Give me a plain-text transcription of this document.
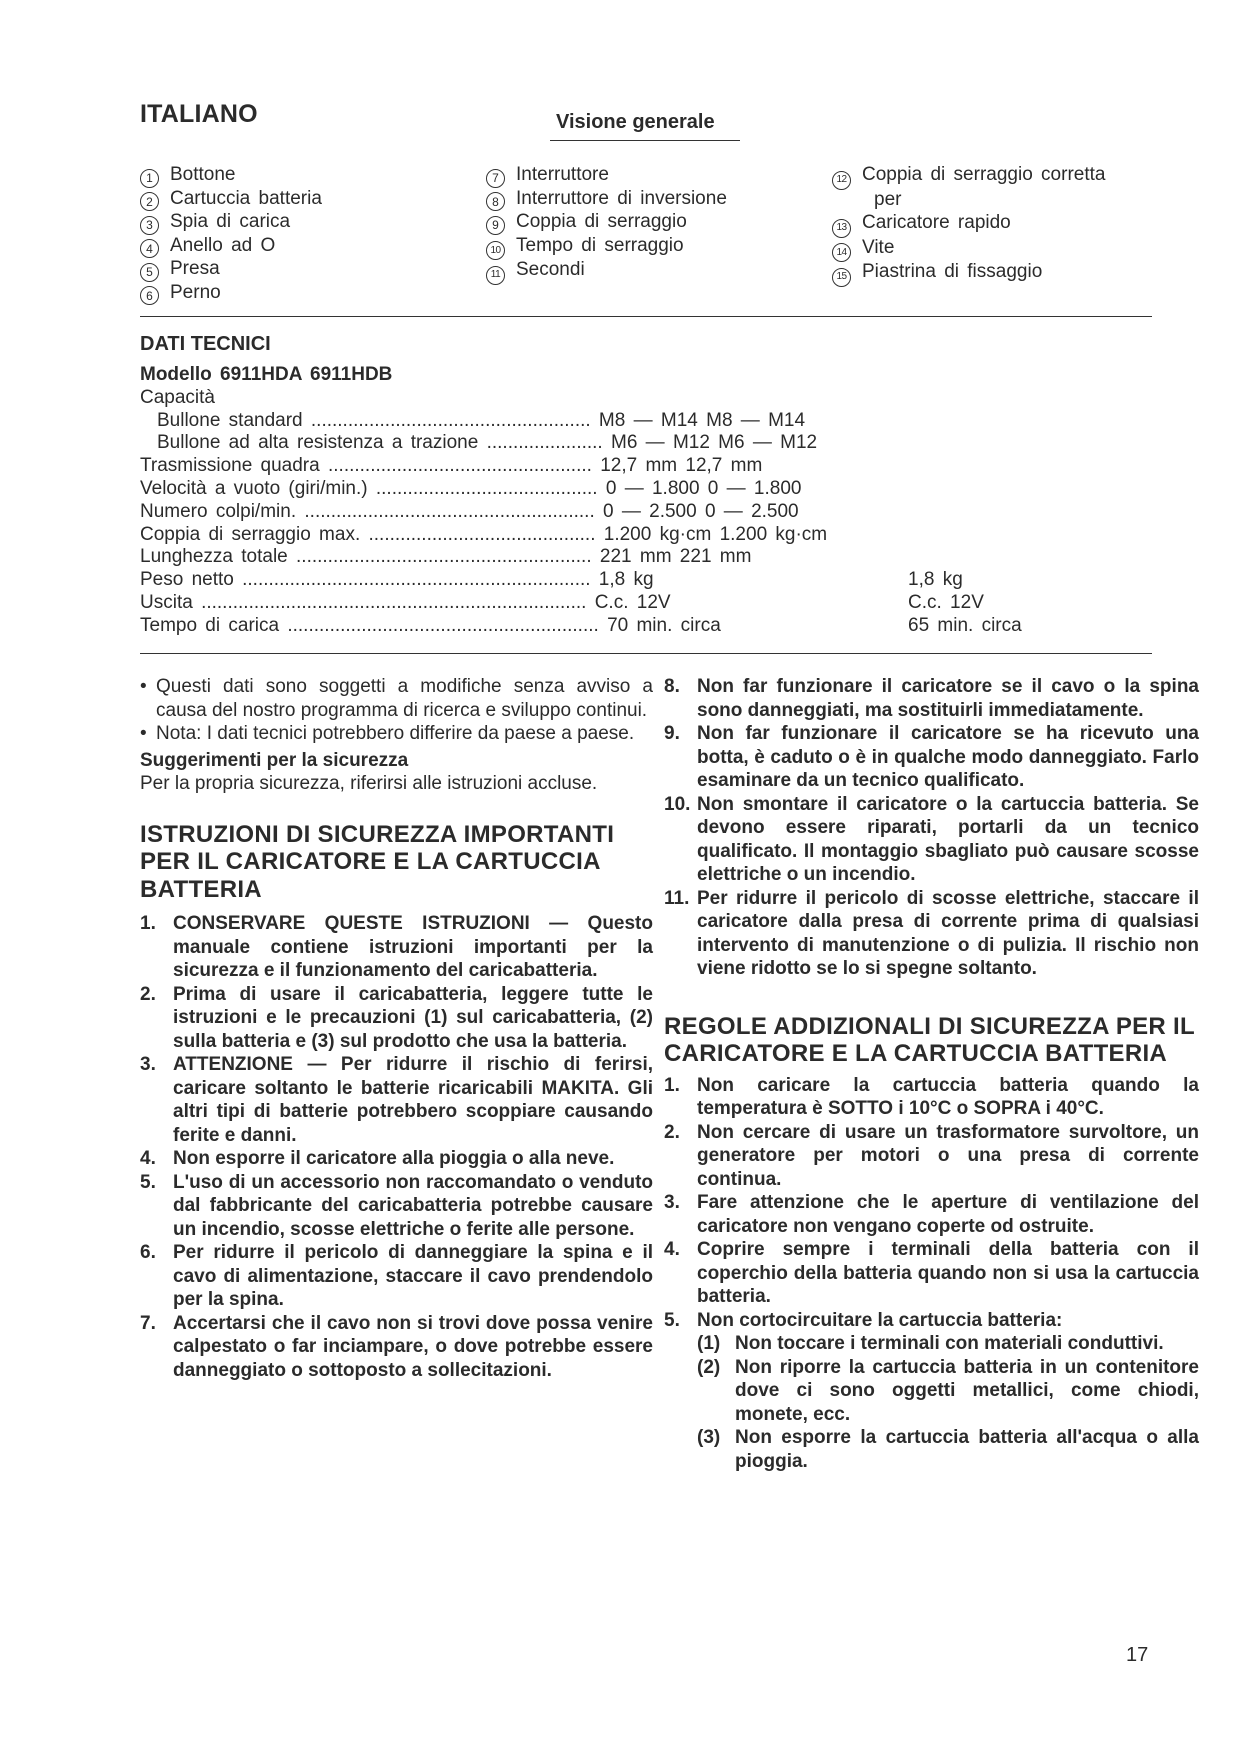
ITALIANO	Visione generale
1 Bottone
2 Cartuccia batteria
3 Spia di carica
4 Anello ad O
5 Presa
6 Perno
7 Interruttore
8 Interruttore di inversione
9 Coppia di serraggio
10 Tempo di serraggio
11 Secondi
12 Coppia di serraggio corretta
per
13 Caricatore rapido
14 Vite
15 Piastrina di fissaggio
DATI TECNICI
Modello 6911HDA 6911HDB
Capacità
Bullone standard ..................................................... M8 — M14 M8 — M14
Bullone ad alta resistenza a trazione ...................... M6 — M12 M6 — M12
Trasmissione quadra .................................................. 12,7 mm 12,7 mm
Velocità a vuoto (giri/min.) .......................................... 0 — 1.800 0 — 1.800
Numero colpi/min. ....................................................... 0 — 2.500 0 — 2.500
Coppia di serraggio max. ........................................... 1.200 kg·cm 1.200 kg·cm
Lunghezza totale ........................................................ 221 mm 221 mm
Peso netto .................................................................. 1,8 kg	1,8 kg
Uscita ......................................................................... C.c. 12V	C.c. 12V
Tempo di carica ........................................................... 70 min. circa	65 min. circa
• Questi dati sono soggetti a modifiche senza avviso a causa del nostro programma di ricerca e sviluppo continui.
• Nota: I dati tecnici potrebbero differire da paese a paese.
Suggerimenti per la sicurezza
Per la propria sicurezza, riferirsi alle istruzioni accluse.
ISTRUZIONI DI SICUREZZA IMPORTANTI PER IL CARICATORE E LA CARTUCCIA BATTERIA
1. CONSERVARE QUESTE ISTRUZIONI — Questo manuale contiene istruzioni importanti per la sicurezza e il funzionamento del caricabatteria.
2. Prima di usare il caricabatteria, leggere tutte le istruzioni e le precauzioni (1) sul caricabatteria, (2) sulla batteria e (3) sul prodotto che usa la batteria.
3. ATTENZIONE — Per ridurre il rischio di ferirsi, caricare soltanto le batterie ricaricabili MAKITA. Gli altri tipi di batterie potrebbero scoppiare causando ferite e danni.
4. Non esporre il caricatore alla pioggia o alla neve.
5. L'uso di un accessorio non raccomandato o venduto dal fabbricante del caricabatteria potrebbe causare un incendio, scosse elettriche o ferite alle persone.
6. Per ridurre il pericolo di danneggiare la spina e il cavo di alimentazione, staccare il cavo prendendolo per la spina.
7. Accertarsi che il cavo non si trovi dove possa venire calpestato o far inciampare, o dove potrebbe essere danneggiato o sottoposto a sollecitazioni.
8. Non far funzionare il caricatore se il cavo o la spina sono danneggiati, ma sostituirli immediatamente.
9. Non far funzionare il caricatore se ha ricevuto una botta, è caduto o è in qualche modo danneggiato. Farlo esaminare da un tecnico qualificato.
10. Non smontare il caricatore o la cartuccia batteria. Se devono essere riparati, portarli da un tecnico qualificato. Il montaggio sbagliato può causare scosse elettriche o un incendio.
11. Per ridurre il pericolo di scosse elettriche, staccare il caricatore dalla presa di corrente prima di qualsiasi intervento di manutenzione o di pulizia. Il rischio non viene ridotto se lo si spegne soltanto.
REGOLE ADDIZIONALI DI SICUREZZA PER IL CARICATORE E LA CARTUCCIA BATTERIA
1. Non caricare la cartuccia batteria quando la temperatura è SOTTO i 10°C o SOPRA i 40°C.
2. Non cercare di usare un trasformatore survoltore, un generatore per motori o una presa di corrente continua.
3. Fare attenzione che le aperture di ventilazione del caricatore non vengano coperte od ostruite.
4. Coprire sempre i terminali della batteria con il coperchio della batteria quando non si usa la cartuccia batteria.
5. Non cortocircuitare la cartuccia batteria:
(1) Non toccare i terminali con materiali conduttivi.
(2) Non riporre la cartuccia batteria in un contenitore dove ci sono oggetti metallici, come chiodi, monete, ecc.
(3) Non esporre la cartuccia batteria all'acqua o alla pioggia.
17
